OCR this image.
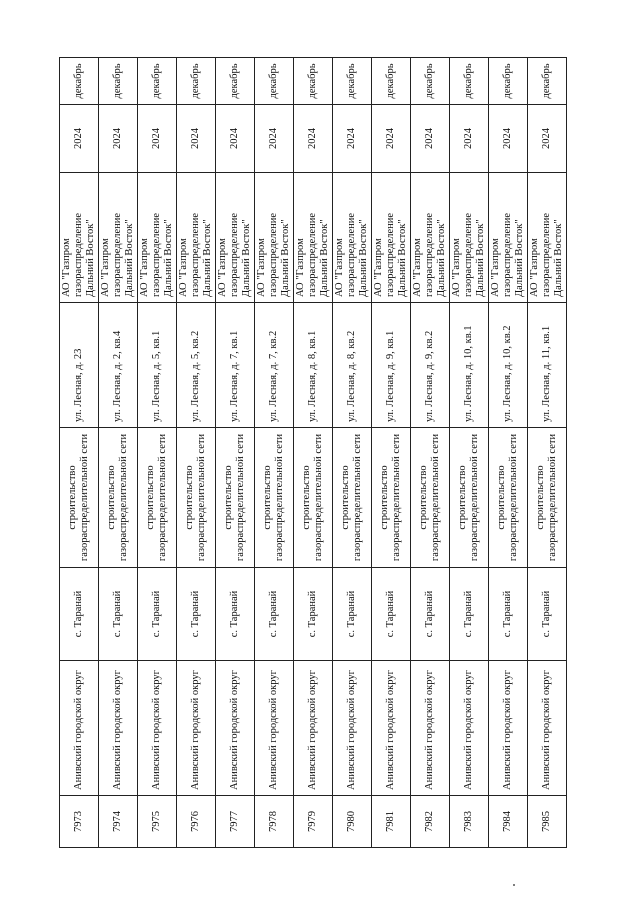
7973	Анивский городской округ	с. Таранай	строительство газораспределительной сети	ул. Лесная, д. 23	АО "Газпром газораспределение Дальний Восток"	2024	декабрь
7974	Анивский городской округ	с. Таранай	строительство газораспределительной сети	ул. Лесная, д. 2, кв.4	АО "Газпром газораспределение Дальний Восток"	2024	декабрь
7975	Анивский городской округ	с. Таранай	строительство газораспределительной сети	ул. Лесная, д. 5, кв.1	АО "Газпром газораспределение Дальний Восток"	2024	декабрь
7976	Анивский городской округ	с. Таранай	строительство газораспределительной сети	ул. Лесная, д. 5, кв.2	АО "Газпром газораспределение Дальний Восток"	2024	декабрь
7977	Анивский городской округ	с. Таранай	строительство газораспределительной сети	ул. Лесная, д. 7, кв.1	АО "Газпром газораспределение Дальний Восток"	2024	декабрь
7978	Анивский городской округ	с. Таранай	строительство газораспределительной сети	ул. Лесная, д. 7, кв.2	АО "Газпром газораспределение Дальний Восток"	2024	декабрь
7979	Анивский городской округ	с. Таранай	строительство газораспределительной сети	ул. Лесная, д. 8, кв.1	АО "Газпром газораспределение Дальний Восток"	2024	декабрь
7980	Анивский городской округ	с. Таранай	строительство газораспределительной сети	ул. Лесная, д. 8, кв.2	АО "Газпром газораспределение Дальний Восток"	2024	декабрь
7981	Анивский городской округ	с. Таранай	строительство газораспределительной сети	ул. Лесная, д. 9, кв.1	АО "Газпром газораспределение Дальний Восток"	2024	декабрь
7982	Анивский городской округ	с. Таранай	строительство газораспределительной сети	ул. Лесная, д. 9, кв.2	АО "Газпром газораспределение Дальний Восток"	2024	декабрь
7983	Анивский городской округ	с. Таранай	строительство газораспределительной сети	ул. Лесная, д. 10, кв.1	АО "Газпром газораспределение Дальний Восток"	2024	декабрь
7984	Анивский городской округ	с. Таранай	строительство газораспределительной сети	ул. Лесная, д. 10, кв.2	АО "Газпром газораспределение Дальний Восток"	2024	декабрь
7985	Анивский городской округ	с. Таранай	строительство газораспределительной сети	ул. Лесная, д. 11, кв.1	АО "Газпром газораспределение Дальний Восток"	2024	декабрь
